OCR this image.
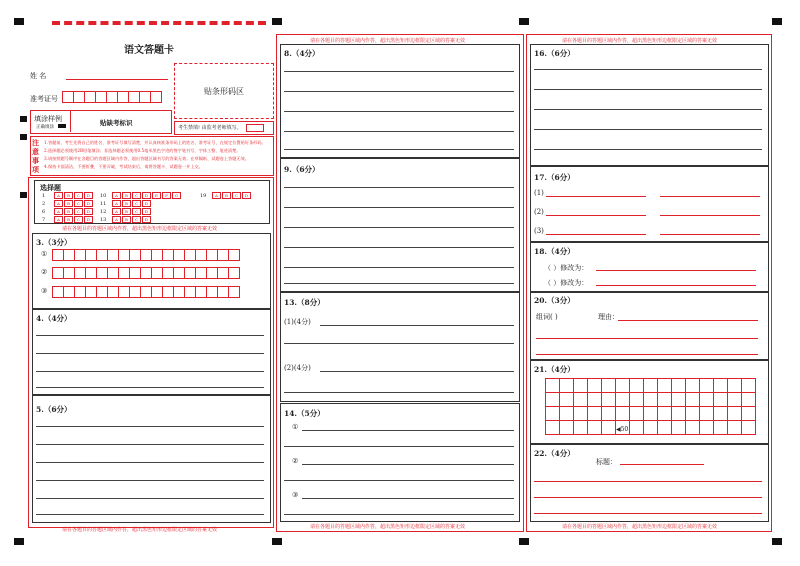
语文答题卡
姓 名
准考证号
贴条形码区
填涂样例
正确填涂
贴缺考标识
考生禁填! 由监考老师填写。
注
意
事
项
1.答题前，考生先将自己的姓名、准考证号填写清楚，并认真核准条形码上的姓名、准考证号，在规定位置贴好条形码。
2.选择题必须使用2B铅笔填涂；非选择题必须使用0.5毫米黑色字迹的签字笔书写，字体工整、笔迹清楚。
3.请按照题号顺序在各题目的答题区域内作答，超出答题区域书写的答案无效；在草稿纸、试题卷上答题无效。
4.保持卡面清洁，不要折叠，不要弄破，考试结束后，请将答题卡、试题卷一并上交。
选择题
1	A B C D
2	A B C D
6	A B C D
7	A B C D
10 A B C D E F G
11 A B C D
12 A B C D
13 A B C D
19 A B C D
请在各题目的答题区域内作答，超出黑色矩形边框限定区域的答案无效
3.（3分）
①
②
③
4.（4分）
5.（6分）
请在各题目的答题区域内作答，超出黑色矩形边框限定区域的答案无效
请在各题目的答题区域内作答，超出黑色矩形边框限定区域的答案无效
8.（4分）
9.（6分）
13.（8分）
(1)(4分)
(2)(4分)
14.（5分）
①
②
③
请在各题目的答题区域内作答，超出黑色矩形边框限定区域的答案无效
请在各题目的答题区域内作答，超出黑色矩形边框限定区域的答案无效
16.（6分）
17.（6分）
(1)
(2)
(3)
18.（4分）
（ ）修改为：
（ ）修改为：
20.（3分）
组词( )	理由：
21.（4分）
◀50
22.（4分）
标题：
请在各题目的答题区域内作答，超出黑色矩形边框限定区域的答案无效
